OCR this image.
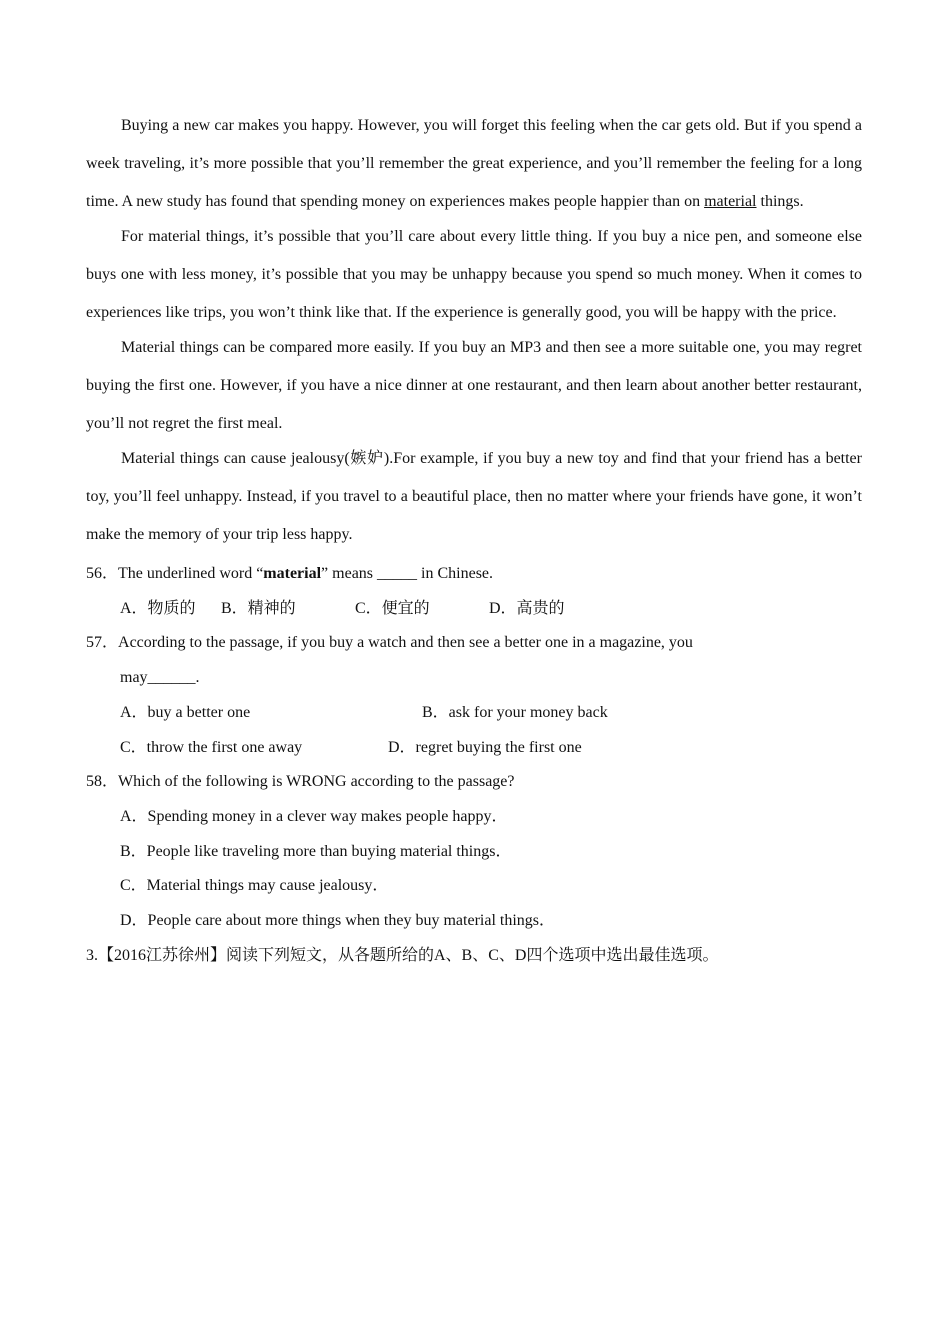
Buying a new car makes you happy. However, you will forget this feeling when the car gets old. But if you spend a week traveling, it’s more possible that you’ll remember the great experience, and you’ll remember the feeling for a long time. A new study has found that spending money on experiences makes people happier than on material things.

For material things, it’s possible that you’ll care about every little thing. If you buy a nice pen, and someone else buys one with less money, it’s possible that you may be unhappy because you spend so much money. When it comes to experiences like trips, you won’t think like that. If the experience is generally good, you will be happy with the price.

Material things can be compared more easily. If you buy an MP3 and then see a more suitable one, you may regret buying the first one. However, if you have a nice dinner at one restaurant, and then learn about another better restaurant, you’ll not regret the first meal.

Material things can cause jealousy(嫉妒).For example, if you buy a new toy and find that your friend has a better toy, you’ll feel unhappy. Instead, if you travel to a beautiful place, then no matter where your friends have gone, it won’t make the memory of your trip less happy.

56．The underlined word “material” means _____ in Chinese.

A．物质的 B．精神的	C．便宜的	D．高贵的

57．According to the passage, if you buy a watch and then see a better one in a magazine, you

may______.

A．buy a better one	B．ask for your money back

C．throw the first one away	D．regret buying the first one

58．Which of the following is WRONG according to the passage?

A．Spending money in a clever way makes people happy．

B．People like traveling more than buying material things．

C．Material things may cause jealousy．

D．People care about more things when they buy material things．

3.【2016江苏徐州】阅读下列短文，从各题所给的A、B、C、D四个选项中选出最佳选项。
